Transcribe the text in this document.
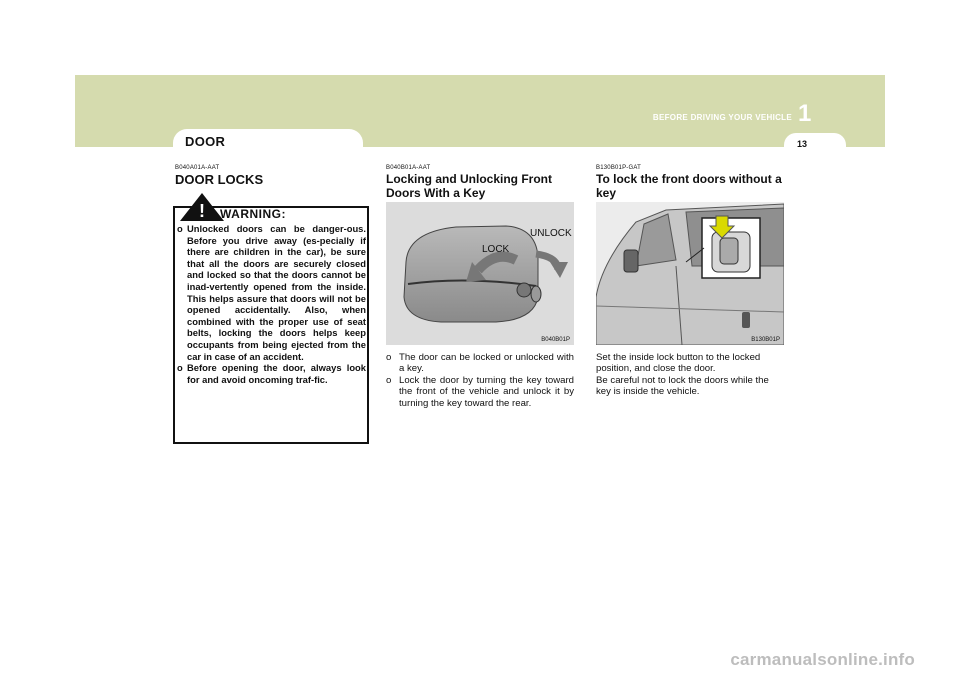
1
BEFORE DRIVING YOUR VEHICLE
13
DOOR
B040A01A-AAT
DOOR LOCKS
! WARNING:
o Unlocked doors can be danger-ous. Before you drive away (es-pecially if there are children in the car), be sure that all the doors are securely closed and locked so that the doors cannot be inad-vertently opened from the inside. This helps assure that doors will not be opened accidentally. Also, when combined with the proper use of seat belts, locking the doors helps keep occupants from being ejected from the car in case of an accident.
o Before opening the door, always look for and avoid oncoming traf-fic.
B040B01A-AAT
Locking and Unlocking Front Doors With a Key
LOCK
UNLOCK
B040B01P
o The door can be locked or unlocked with a key.
o Lock the door by turning the key toward the front of the vehicle and unlock it by turning the key toward the rear.
B130B01P-GAT
To lock the front doors without a key
B130B01P

Set the inside lock button to the locked position, and close the door.

Be careful not to lock the doors while the key is inside the vehicle.

carmanualsonline.info
